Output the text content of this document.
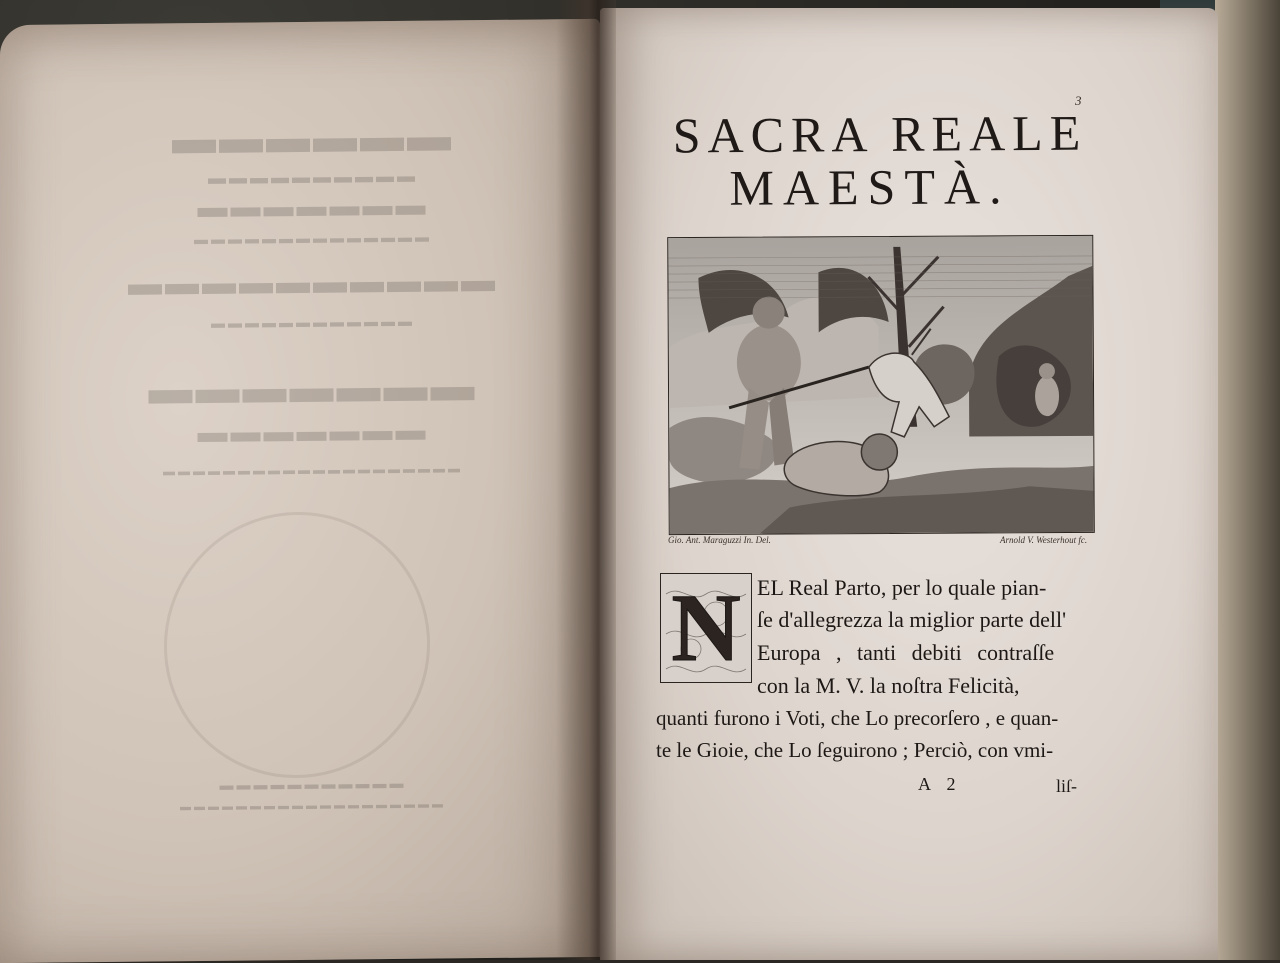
▬▬▬▬▬▬
▬▬▬▬▬▬▬▬▬▬
▬▬▬▬▬▬▬
▬▬▬▬▬▬▬▬▬▬▬▬▬▬
▬▬▬▬▬▬▬▬▬▬
▬▬▬▬▬▬▬▬▬▬▬▬
▬▬▬▬▬▬▬
▬▬▬▬▬▬▬
▬▬▬▬▬▬▬▬▬▬▬▬▬▬▬▬▬▬▬▬
▬▬▬▬▬▬▬▬▬▬▬
▬▬▬▬▬▬▬▬▬▬▬▬▬▬▬▬▬▬▬
3
SACRA REALE
MAESTÀ.
Gio. Ant. Maraguzzi In. Del.	Arnold V. Westerhout fc.
N EL Real Parto, per lo quale pian-
ſe d'allegrezza la miglior parte dell'
Europa , tanti debiti contraſſe
con la M. V. la noſtra Felicità,
quanti furono i Voti, che Lo precorſero , e quan-
te le Gioie, che Lo ſeguirono ; Perciò, con vmi-
A 2	liſ-
